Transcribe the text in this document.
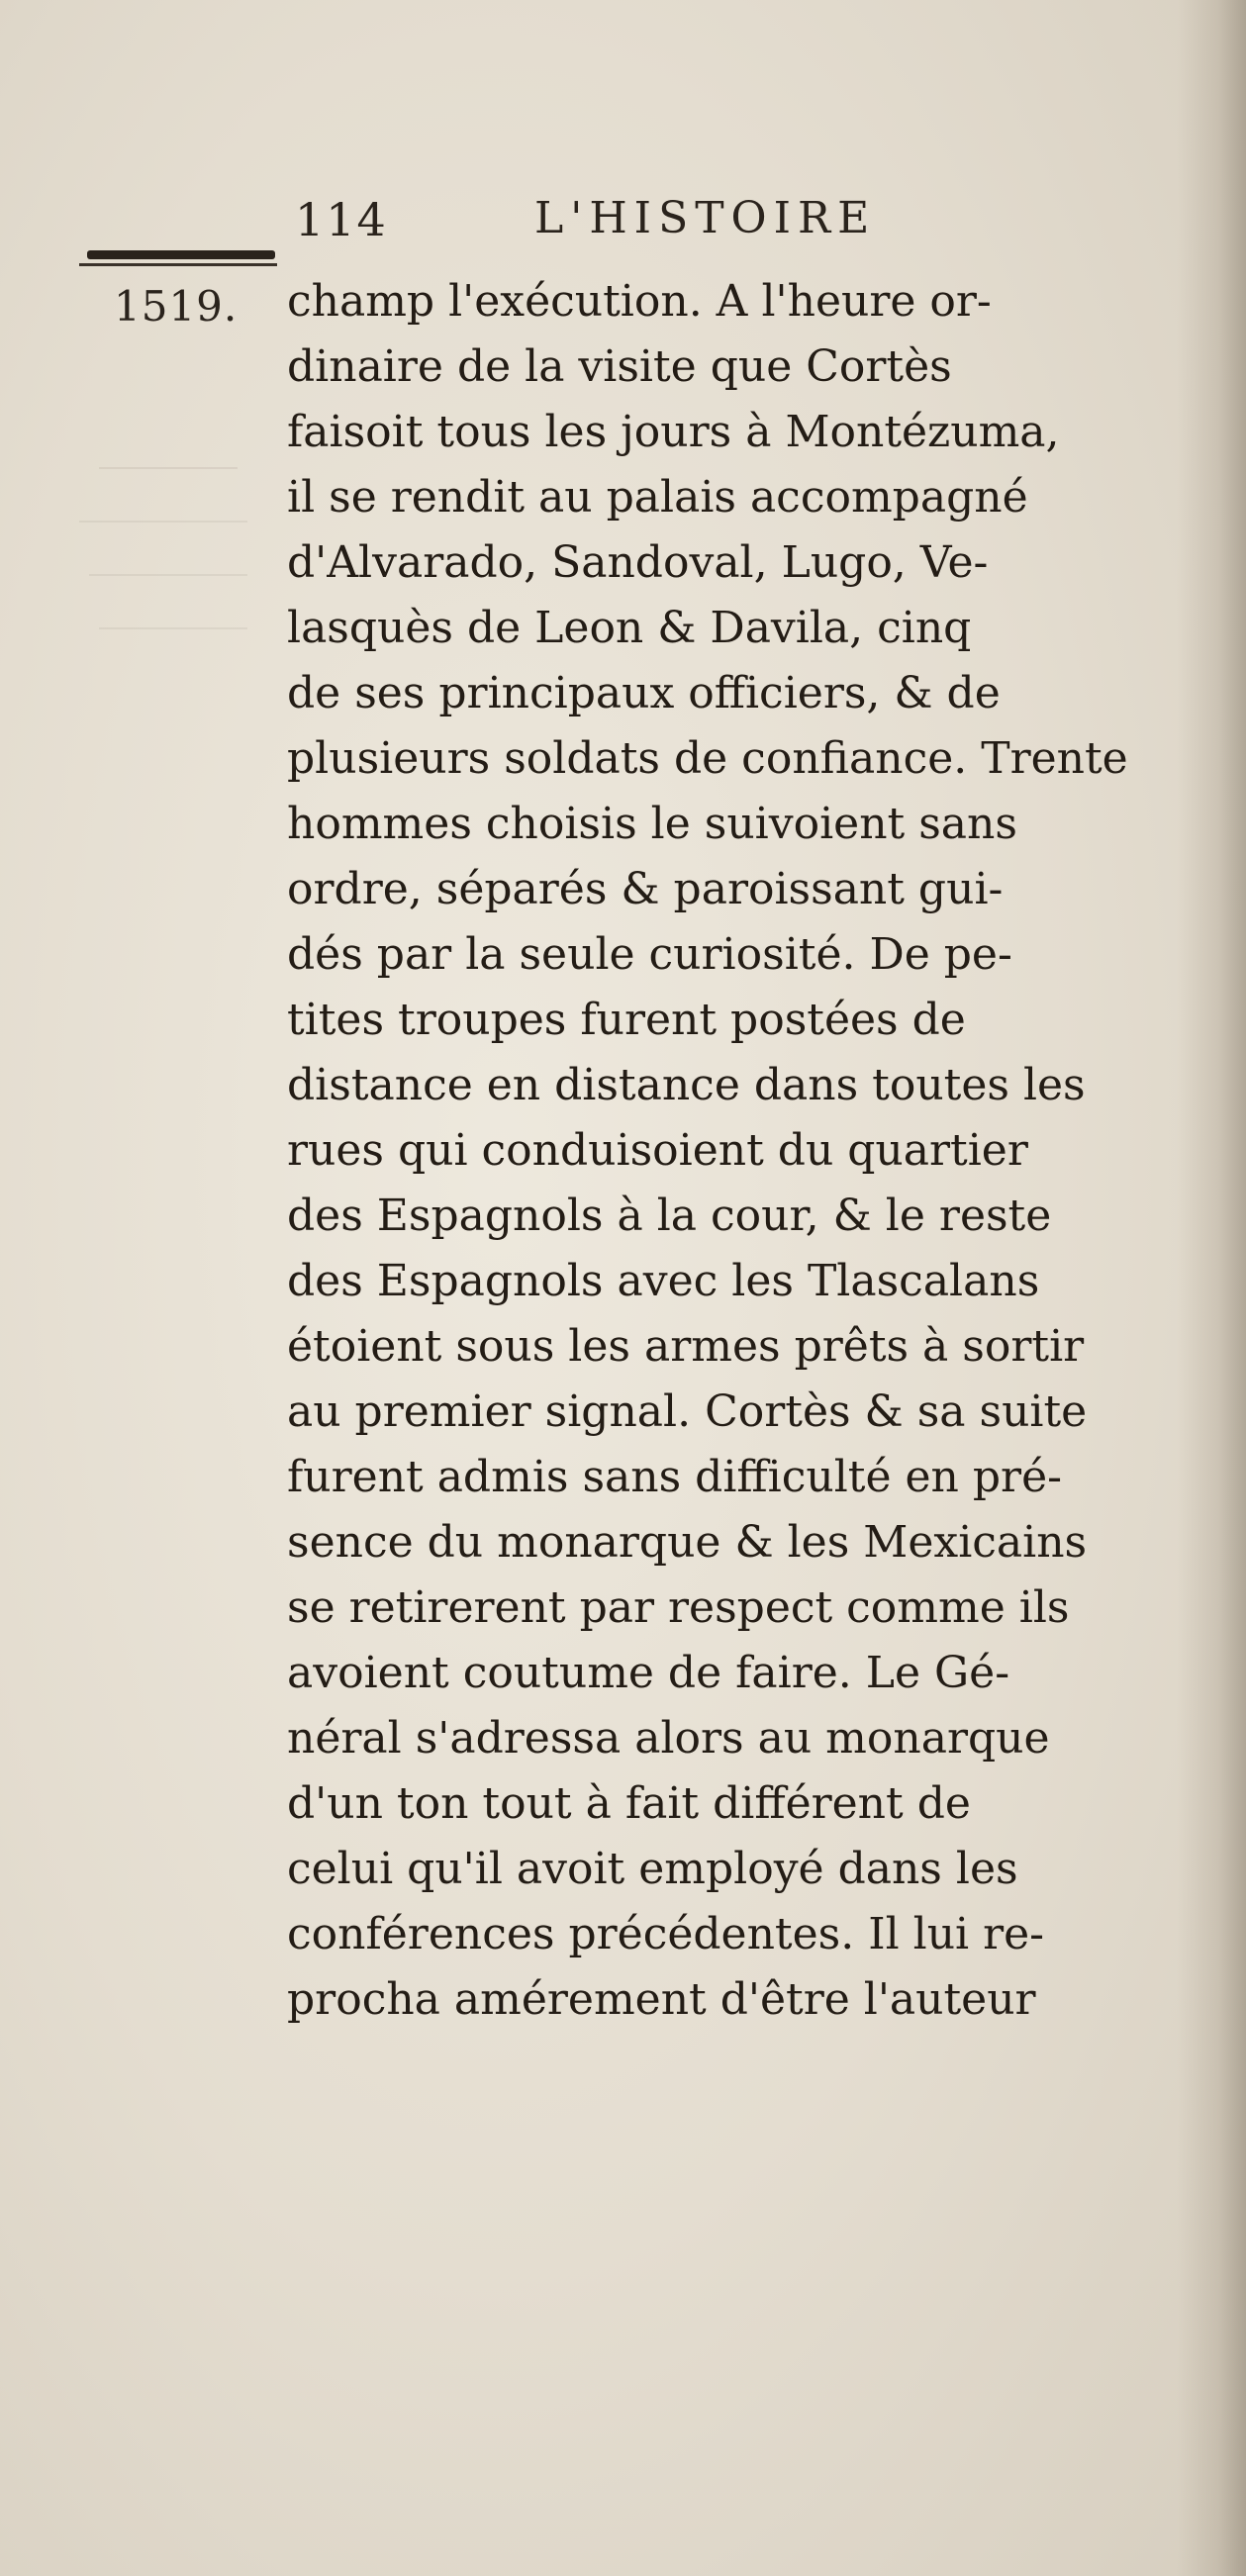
114	L'HISTOIRE
1519. champ l'exécution. A l'heure or-
dinaire de la visite que Cortès
faisoit tous les jours à Montézuma,
il se rendit au palais accompagné
d'Alvarado, Sandoval, Lugo, Ve-
lasquès de Leon & Davila, cinq
de ses principaux officiers, & de
plusieurs soldats de confiance. Trente
hommes choisis le suivoient sans
ordre, séparés & paroissant gui-
dés par la seule curiosité. De pe-
tites troupes furent postées de
distance en distance dans toutes les
rues qui conduisoient du quartier
des Espagnols à la cour, & le reste
des Espagnols avec les Tlascalans
étoient sous les armes prêts à sortir
au premier signal. Cortès & sa suite
furent admis sans difficulté en pré-
sence du monarque & les Mexicains
se retirerent par respect comme ils
avoient coutume de faire. Le Gé-
néral s'adressa alors au monarque
d'un ton tout à fait différent de
celui qu'il avoit employé dans les
conférences précédentes. Il lui re-
procha amérement d'être l'auteur
